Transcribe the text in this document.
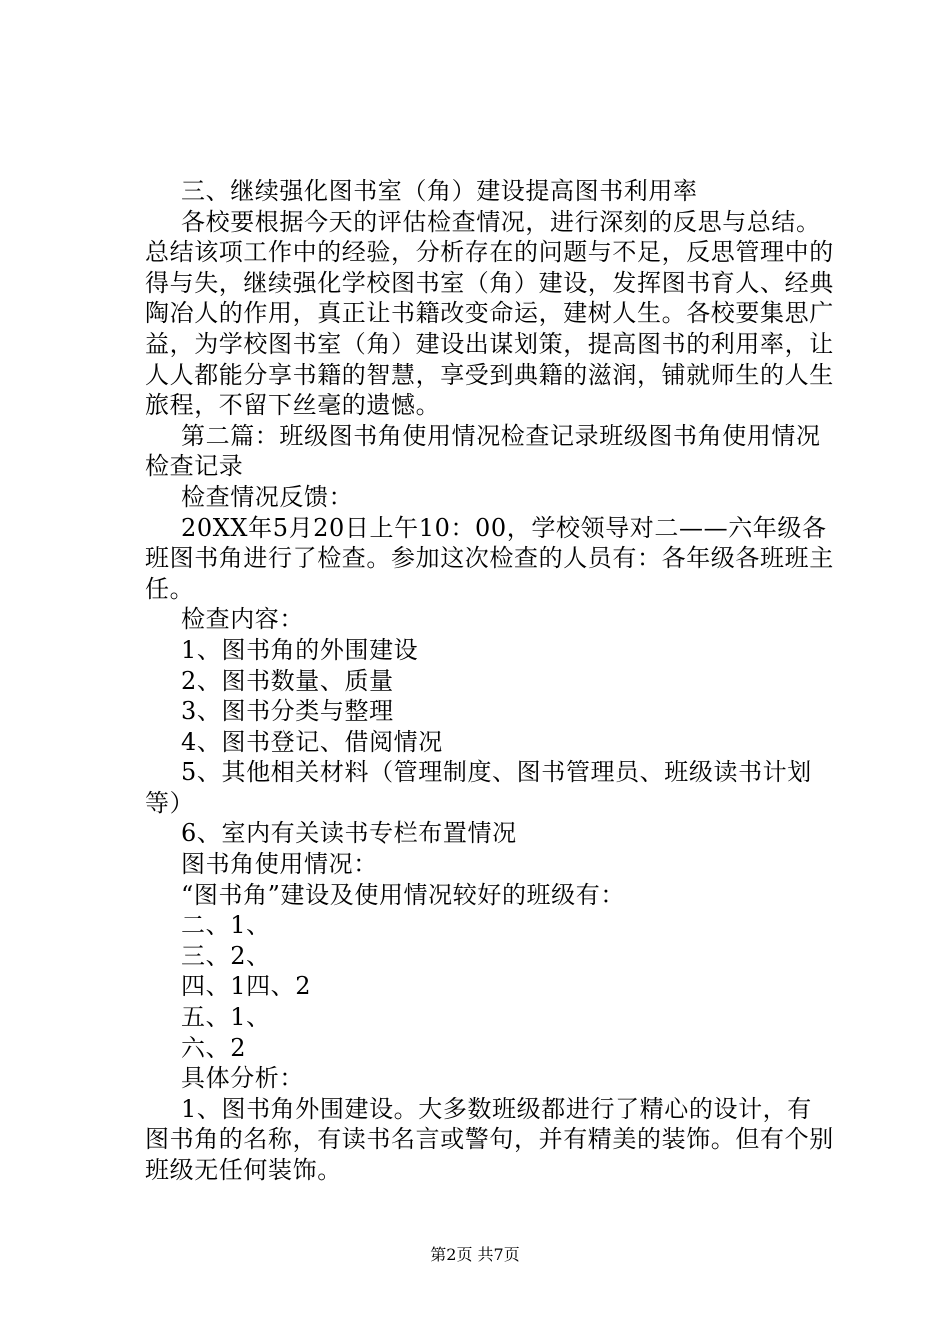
三、继续强化图书室（角）建设提高图书利用率

各校要根据今天的评估检查情况，进行深刻的反思与总结。总结该项工作中的经验，分析存在的问题与不足，反思管理中的得与失，继续强化学校图书室（角）建设，发挥图书育人、经典陶冶人的作用，真正让书籍改变命运，建树人生。各校要集思广益，为学校图书室（角）建设出谋划策，提高图书的利用率，让人人都能分享书籍的智慧，享受到典籍的滋润，铺就师生的人生旅程，不留下丝毫的遗憾。

第二篇：班级图书角使用情况检查记录班级图书角使用情况检查记录

检查情况反馈：

20XX年5月20日上午10：00，学校领导对二——六年级各班图书角进行了检查。参加这次检查的人员有：各年级各班班主任。

检查内容：

1、图书角的外围建设

2、图书数量、质量

3、图书分类与整理

4、图书登记、借阅情况

5、其他相关材料（管理制度、图书管理员、班级读书计划等）

6、室内有关读书专栏布置情况

图书角使用情况：

“图书角”建设及使用情况较好的班级有：

二、1、

三、2、

四、1四、2

五、1、

六、2

具体分析：

1、图书角外围建设。大多数班级都进行了精心的设计，有图书角的名称，有读书名言或警句，并有精美的装饰。但有个别班级无任何装饰。

第2页 共7页
